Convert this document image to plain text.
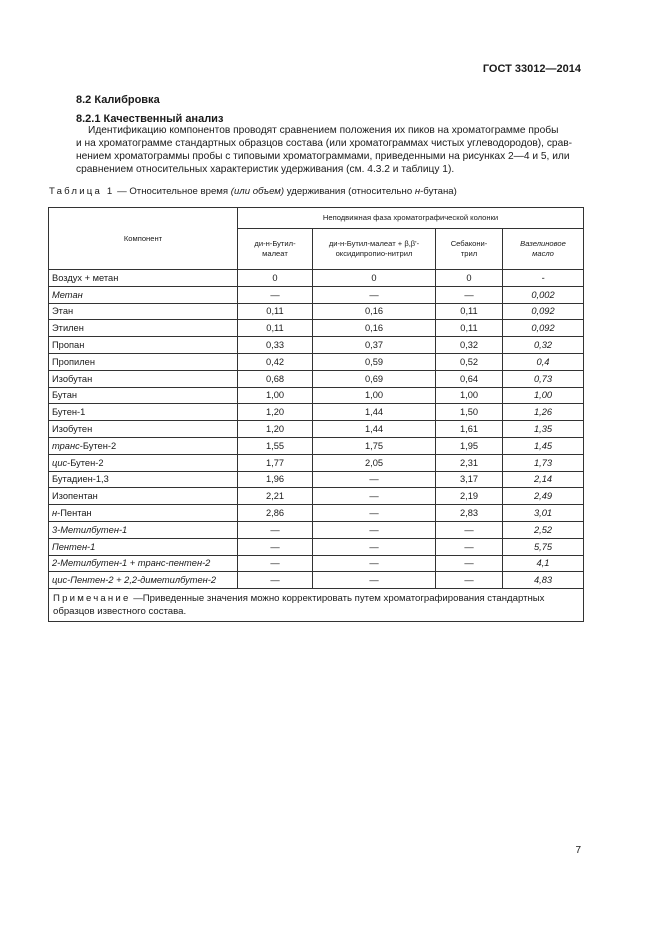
ГОСТ 33012—2014
8.2 Калибровка
8.2.1 Качественный анализ

Идентификацию компонентов проводят сравнением положения их пиков на хроматограмме пробы
и на хроматограмме стандартных образцов состава (или хроматограммах чистых углеводородов), срав-
нением хроматограммы пробы с типовыми хроматограммами, приведенными на рисунках 2—4 и 5, или
сравнением относительных характеристик удерживания (см. 4.3.2 и таблицу 1).

Таблица 1 — Относительное время (или объем) удерживания (относительно н-бутана)
Компонент	Неподвижная фаза хроматографической колонки			
	ди-н-Бутил-малеат	ди-н-Бутил-малеат + β,β'-оксидипропио-нитрил	Себакони-трил	Вазелиновое масло
Воздух + метан	0	0	0	-
Метан	—	—	—	0,002
Этан	0,11	0,16	0,11	0,092
Этилен	0,11	0,16	0,11	0,092
Пропан	0,33	0,37	0,32	0,32
Пропилен	0,42	0,59	0,52	0,4
Изобутан	0,68	0,69	0,64	0,73
Бутан	1,00	1,00	1,00	1,00
Бутен-1	1,20	1,44	1,50	1,26
Изобутен	1,20	1,44	1,61	1,35
транс-Бутен-2	1,55	1,75	1,95	1,45
цис-Бутен-2	1,77	2,05	2,31	1,73
Бутадиен-1,3	1,96	—	3,17	2,14
Изопентан	2,21	—	2,19	2,49
н-Пентан	2,86	—	2,83	3,01
3-Метилбутен-1	—	—	—	2,52
Пентен-1	—	—	—	5,75
2-Метилбутен-1 + транс-пентен-2	—	—	—	4,1
цис-Пентен-2 + 2,2-диметилбутен-2	—	—	—	4,83
Примечание —Приведенные значения можно корректировать путем хроматографирования стандартных образцов известного состава.				
7
